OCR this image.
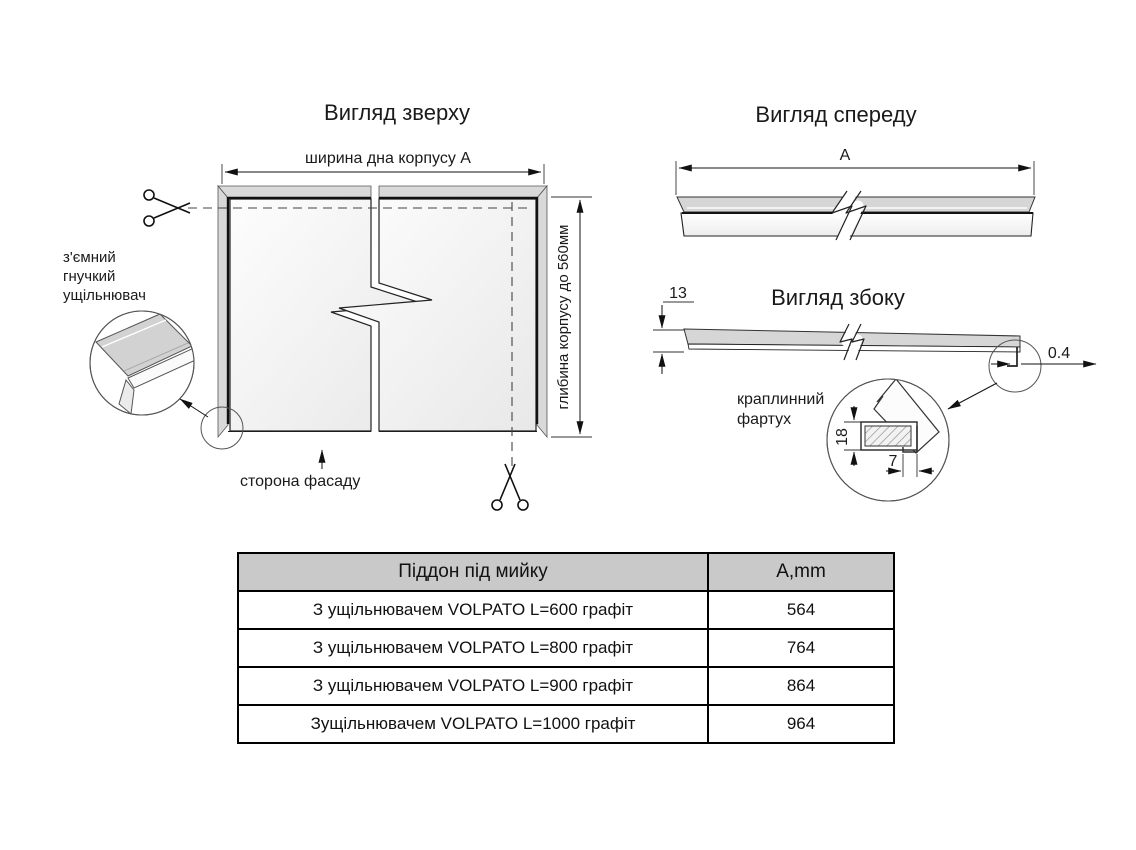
Вигляд зверху
ширина дна корпусу А
глибина корпусу до 560мм
сторона фасаду
з'ємний
гнучкий
ущільнювач
Вигляд спереду
A
Вигляд збоку
13
0.4
краплинний
фартух
18
7
Піддон під мийку	A,mm
З ущільнювачем VOLPATO L=600 графіт	564
З ущільнювачем VOLPATO L=800 графіт	764
З ущільнювачем VOLPATO L=900 графіт	864
Зущільнювачем VOLPATO L=1000 графіт	964
